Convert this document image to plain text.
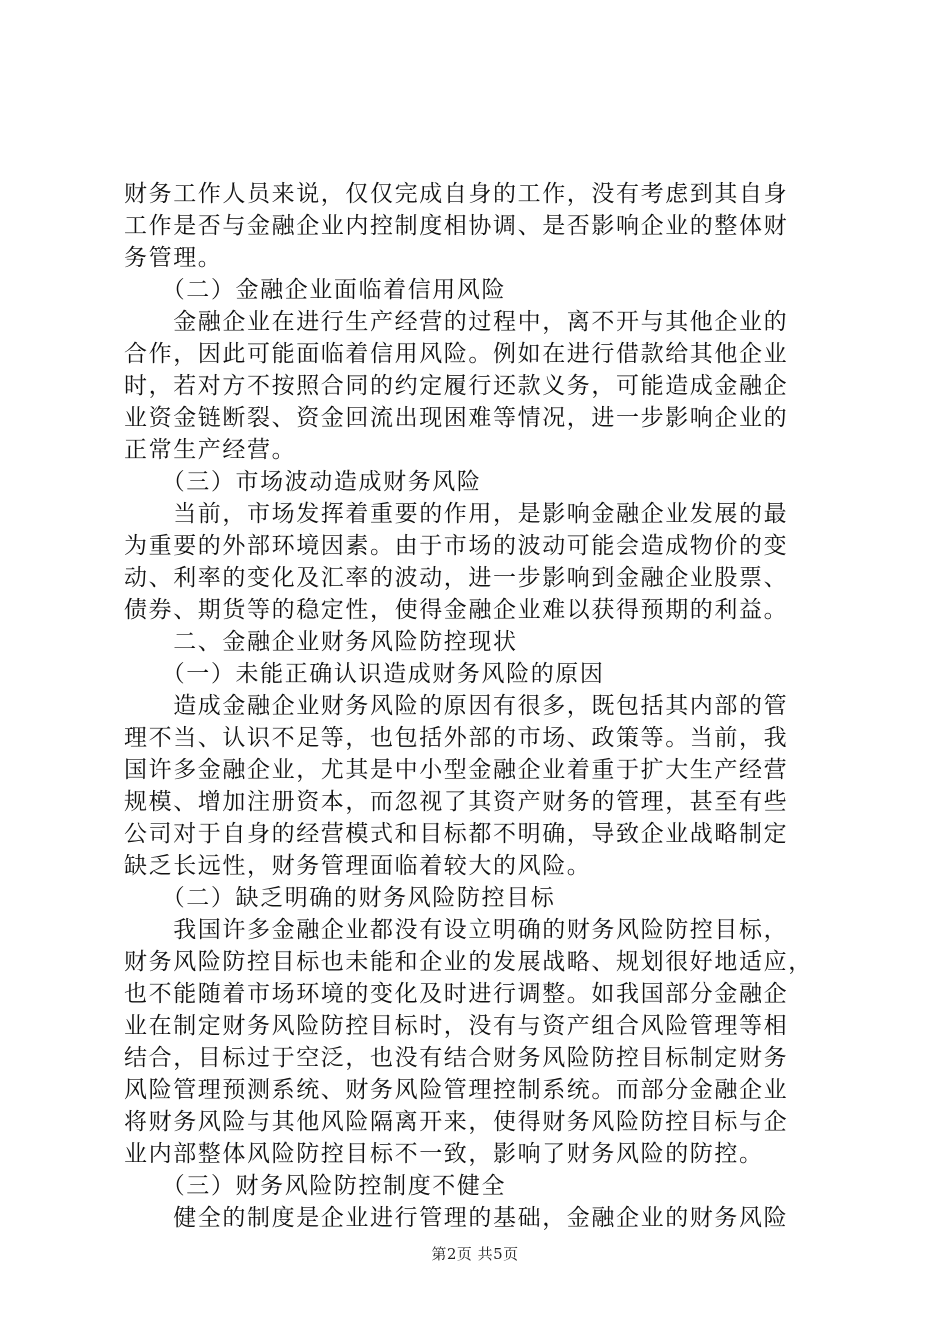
财务工作人员来说，仅仅完成自身的工作，没有考虑到其自身
工作是否与金融企业内控制度相协调、是否影响企业的整体财
务管理。
　　（二）金融企业面临着信用风险
　　金融企业在进行生产经营的过程中，离不开与其他企业的
合作，因此可能面临着信用风险。例如在进行借款给其他企业
时，若对方不按照合同的约定履行还款义务，可能造成金融企
业资金链断裂、资金回流出现困难等情况，进一步影响企业的
正常生产经营。
　　（三）市场波动造成财务风险
　　当前，市场发挥着重要的作用，是影响金融企业发展的最
为重要的外部环境因素。由于市场的波动可能会造成物价的变
动、利率的变化及汇率的波动，进一步影响到金融企业股票、
债券、期货等的稳定性，使得金融企业难以获得预期的利益。
　　二、金融企业财务风险防控现状
　　（一）未能正确认识造成财务风险的原因
　　造成金融企业财务风险的原因有很多，既包括其内部的管
理不当、认识不足等，也包括外部的市场、政策等。当前，我
国许多金融企业，尤其是中小型金融企业着重于扩大生产经营
规模、增加注册资本，而忽视了其资产财务的管理，甚至有些
公司对于自身的经营模式和目标都不明确，导致企业战略制定
缺乏长远性，财务管理面临着较大的风险。
　　（二）缺乏明确的财务风险防控目标
　　我国许多金融企业都没有设立明确的财务风险防控目标，
财务风险防控目标也未能和企业的发展战略、规划很好地适应，
也不能随着市场环境的变化及时进行调整。如我国部分金融企
业在制定财务风险防控目标时，没有与资产组合风险管理等相
结合，目标过于空泛，也没有结合财务风险防控目标制定财务
风险管理预测系统、财务风险管理控制系统。而部分金融企业
将财务风险与其他风险隔离开来，使得财务风险防控目标与企
业内部整体风险防控目标不一致，影响了财务风险的防控。
　　（三）财务风险防控制度不健全
　　健全的制度是企业进行管理的基础，金融企业的财务风险
第2页 共5页
